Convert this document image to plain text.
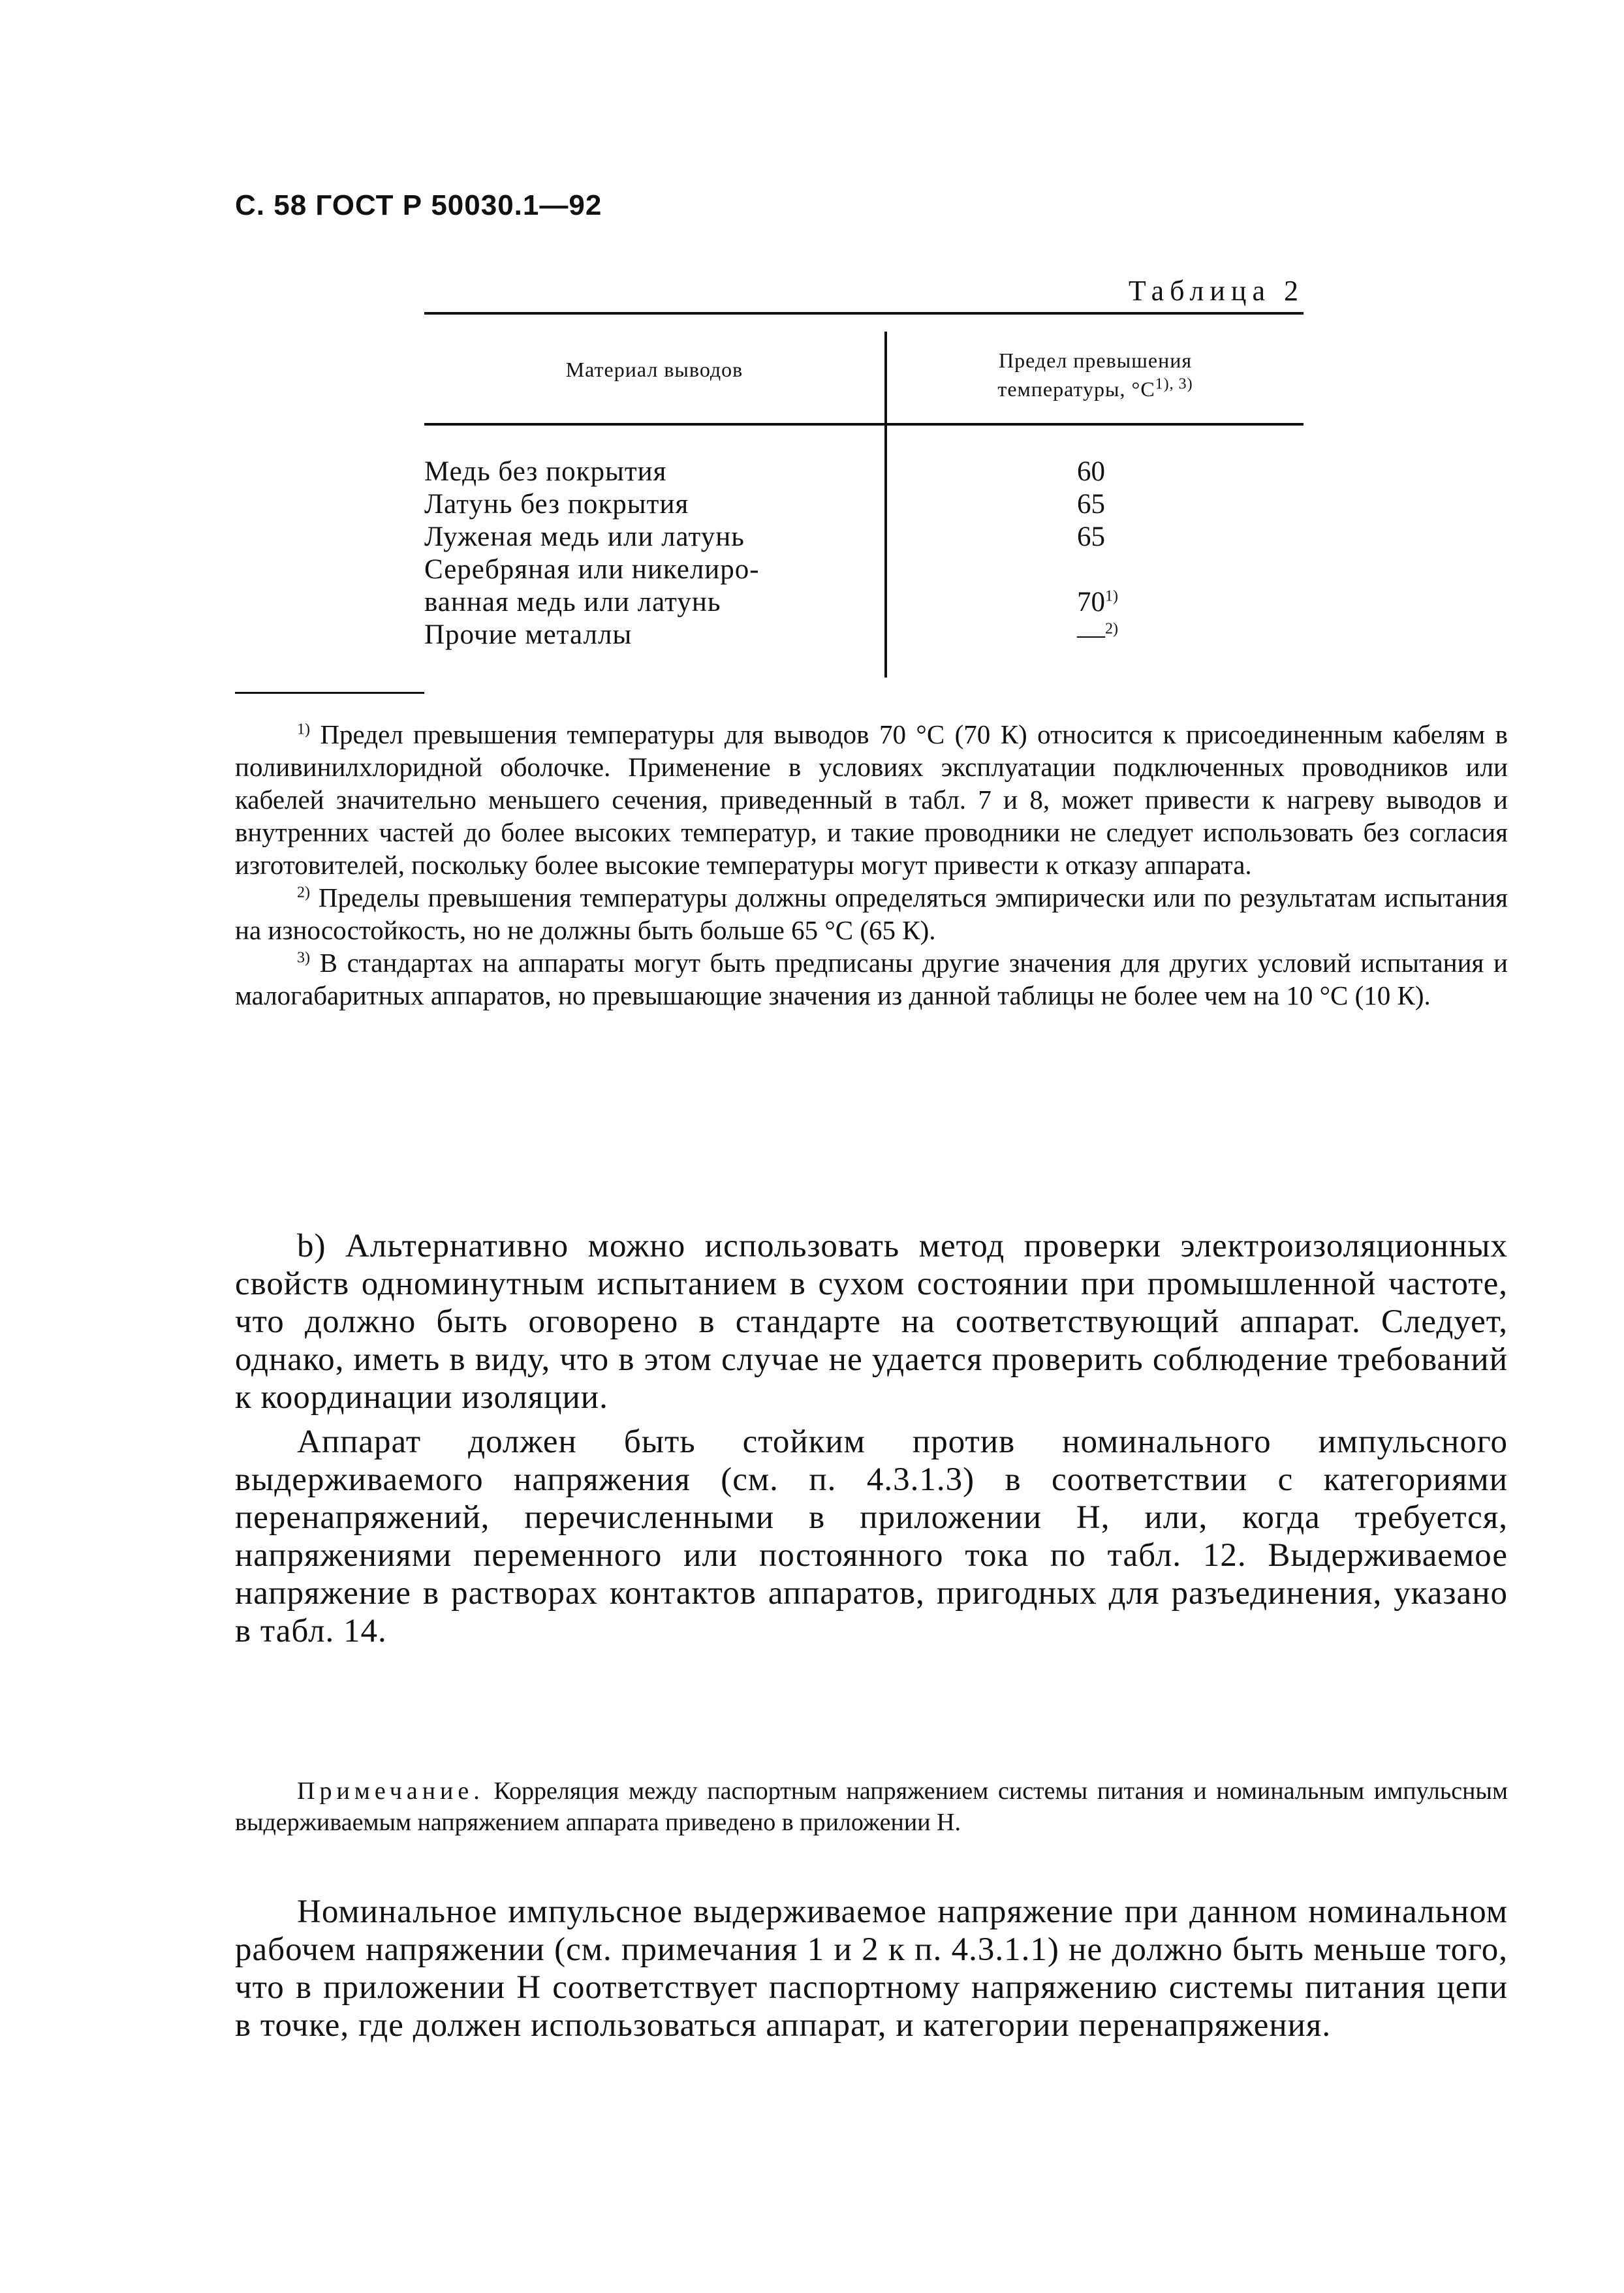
С. 58 ГОСТ Р 50030.1—92
Таблица 2
Материал выводов	Предел превышения
температуры, $^\circ С^{1), 3)}$
Медь без покрытия
Латунь без покрытия
Луженая медь или латунь
Серебряная или никелиро-
ванная медь или латунь
Прочие металлы
60
65
65
70$^{1)}$
—$^{2)}$

$^{1)}$ Предел превышения температуры для выводов 70 °С (70 К) относится к присоединенным кабелям в поливинилхлоридной оболочке. Применение в условиях эксплуатации подключенных проводников или кабелей значительно меньшего сечения, приведенный в табл. 7 и 8, может привести к нагреву выводов и внутренних частей до более высоких температур, и такие проводники не следует использовать без согласия изготовителей, поскольку более высокие температуры могут привести к отказу аппарата.

$^{2)}$ Пределы превышения температуры должны определяться эмпирически или по результатам испытания на износостойкость, но не должны быть больше 65 °С (65 К).

$^{3)}$ В стандартах на аппараты могут быть предписаны другие значения для других условий испытания и малогабаритных аппаратов, но превышающие значения из данной таблицы не более чем на 10 °С (10 К).

b) Альтернативно можно использовать метод проверки электроизоляционных свойств одноминутным испытанием в сухом состоянии при промышленной частоте, что должно быть оговорено в стандарте на соответствующий аппарат. Следует, однако, иметь в виду, что в этом случае не удается проверить соблюдение требований к координации изоляции.

Аппарат должен быть стойким против номинального импульсного выдерживаемого напряжения (см. п. 4.3.1.3) в соответствии с категориями перенапряжений, перечисленными в приложении Н, или, когда требуется, напряжениями переменного или постоянного тока по табл. 12. Выдерживаемое напряжение в растворах контактов аппаратов, пригодных для разъединения, указано в табл. 14.

Примечание. Корреляция между паспортным напряжением системы питания и номинальным импульсным выдерживаемым напряжением аппарата приведено в приложении Н.

Номинальное импульсное выдерживаемое напряжение при данном номинальном рабочем напряжении (см. примечания 1 и 2 к п. 4.3.1.1) не должно быть меньше того, что в приложении Н соответствует паспортному напряжению системы питания цепи в точке, где должен использоваться аппарат, и категории перенапряжения.
